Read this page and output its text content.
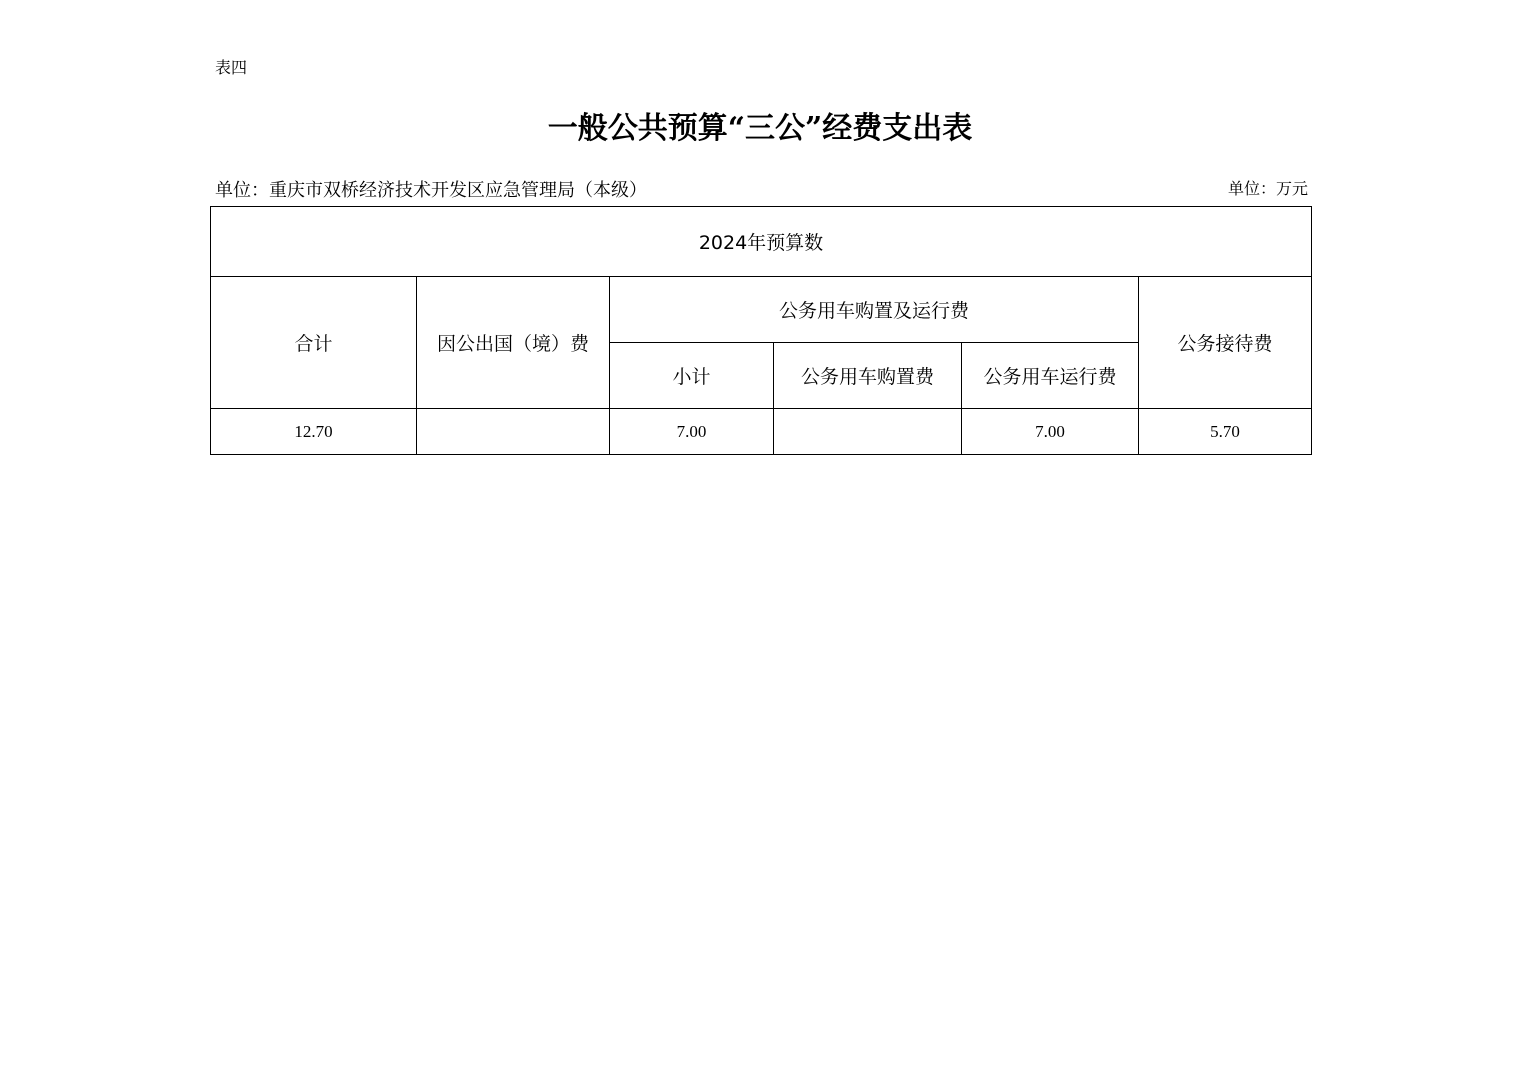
表四
一般公共预算“三公”经费支出表
单位：重庆市双桥经济技术开发区应急管理局（本级）	单位：万元
2024年预算数					
合计	因公出国（境）费	公务用车购置及运行费			公务接待费
		小计	公务用车购置费	公务用车运行费	
12.70		7.00		7.00	5.70
